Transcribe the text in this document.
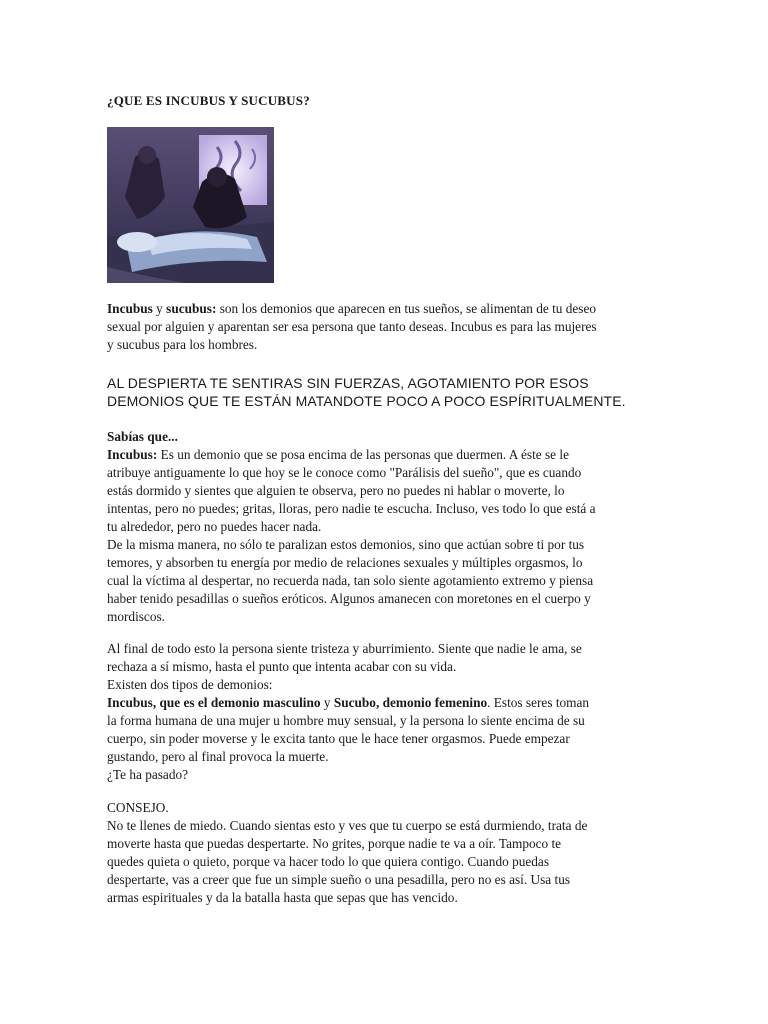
¿QUE ES INCUBUS Y SUCUBUS?

Incubus y sucubus: son los demonios que aparecen en tus sueños, se alimentan de tu deseo
sexual por alguien y aparentan ser esa persona que tanto deseas. Incubus es para las mujeres
y sucubus para los hombres.

AL DESPIERTA TE SENTIRAS SIN FUERZAS, AGOTAMIENTO POR ESOS
DEMONIOS QUE TE ESTÁN MATANDOTE POCO A POCO ESPÍRITUALMENTE.

Sabías que...
Incubus: Es un demonio que se posa encima de las personas que duermen. A éste se le
atribuye antiguamente lo que hoy se le conoce como "Parálisis del sueño", que es cuando
estás dormido y sientes que alguien te observa, pero no puedes ni hablar o moverte, lo
intentas, pero no puedes; gritas, lloras, pero nadie te escucha. Incluso, ves todo lo que está a
tu alrededor, pero no puedes hacer nada.
De la misma manera, no sólo te paralizan estos demonios, sino que actúan sobre ti por tus
temores, y absorben tu energía por medio de relaciones sexuales y múltiples orgasmos, lo
cual la víctima al despertar, no recuerda nada, tan solo siente agotamiento extremo y piensa
haber tenido pesadillas o sueños eróticos. Algunos amanecen con moretones en el cuerpo y
mordiscos.

Al final de todo esto la persona siente tristeza y aburrimiento. Siente que nadie le ama, se
rechaza a sí mismo, hasta el punto que intenta acabar con su vida.
Existen dos tipos de demonios:
Incubus, que es el demonio masculino y Sucubo, demonio femenino. Estos seres toman
la forma humana de una mujer u hombre muy sensual, y la persona lo siente encima de su
cuerpo, sin poder moverse y le excita tanto que le hace tener orgasmos. Puede empezar
gustando, pero al final provoca la muerte.
¿Te ha pasado?

CONSEJO.
No te llenes de miedo. Cuando sientas esto y ves que tu cuerpo se está durmiendo, trata de
moverte hasta que puedas despertarte. No grites, porque nadie te va a oír. Tampoco te
quedes quieta o quieto, porque va hacer todo lo que quiera contigo. Cuando puedas
despertarte, vas a creer que fue un simple sueño o una pesadilla, pero no es así. Usa tus
armas espirituales y da la batalla hasta que sepas que has vencido.
